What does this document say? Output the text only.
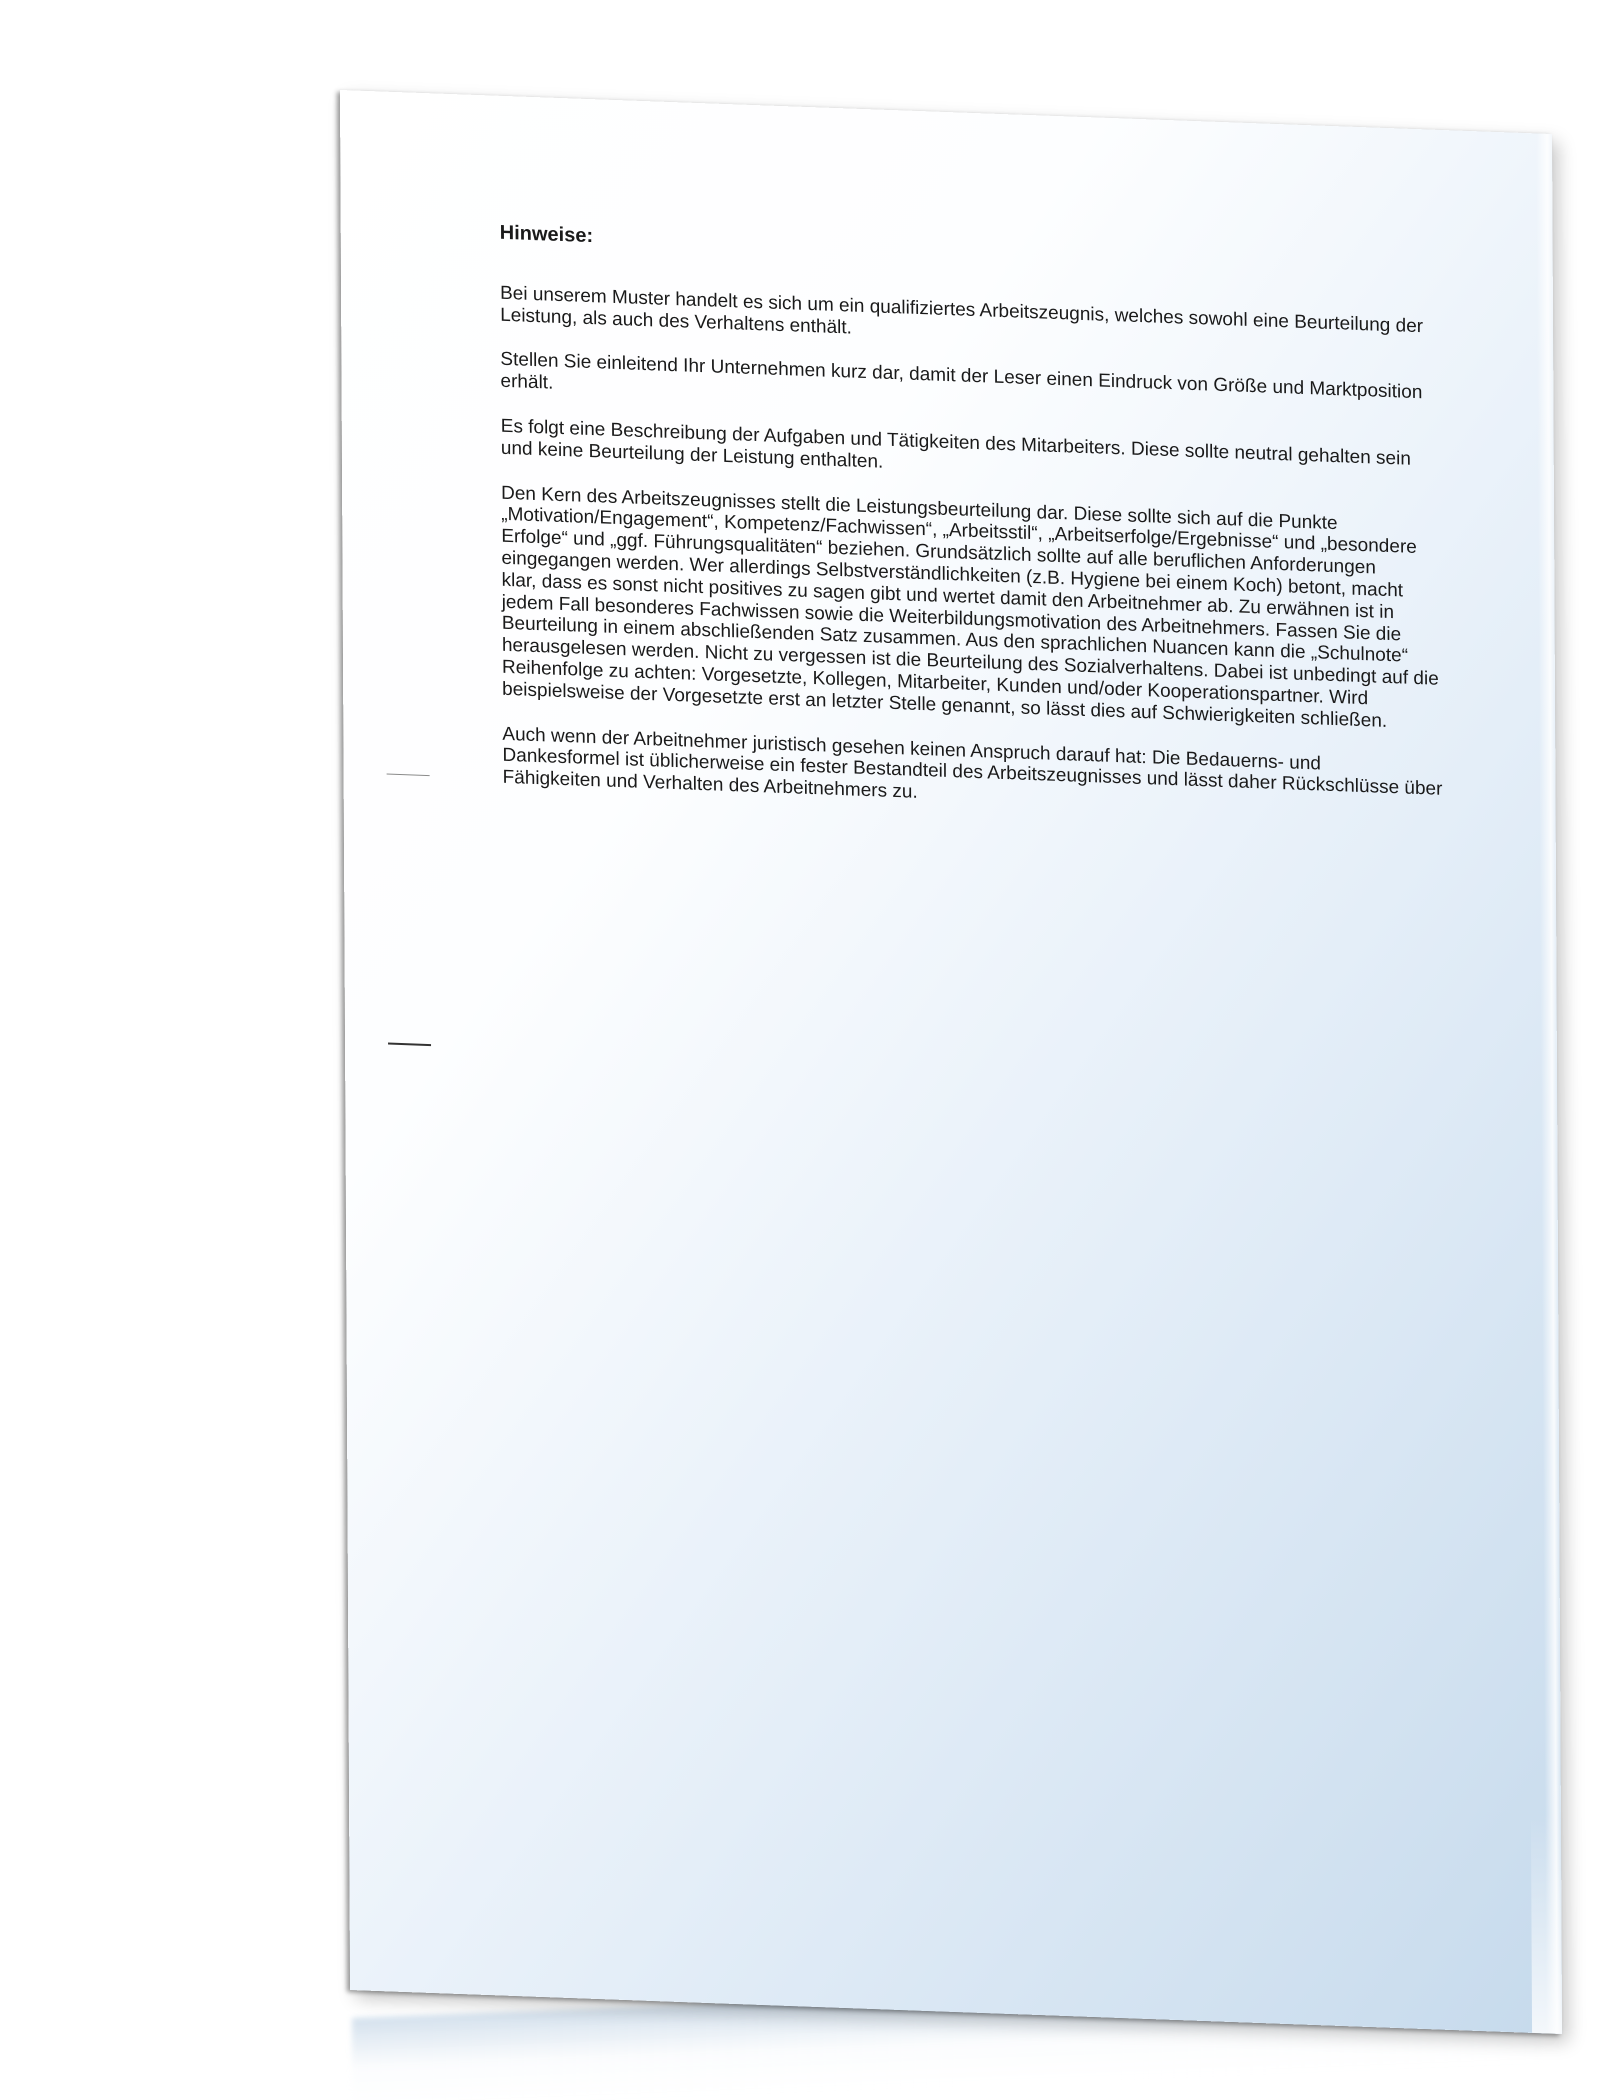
Hinweise:

Bei unserem Muster handelt es sich um ein qualifiziertes Arbeitszeugnis, welches sowohl eine Beurteilung der Leistung, als auch des Verhaltens enthält.

Stellen Sie einleitend Ihr Unternehmen kurz dar, damit der Leser einen Eindruck von Größe und Marktposition erhält.

Es folgt eine Beschreibung der Aufgaben und Tätigkeiten des Mitarbeiters. Diese sollte neutral gehalten sein und keine Beurteilung der Leistung enthalten.

Den Kern des Arbeitszeugnisses stellt die Leistungsbeurteilung dar. Diese sollte sich auf die Punkte „Motivation/Engagement“, Kompetenz/Fachwissen“, „Arbeitsstil“, „Arbeitserfolge/Ergebnisse“ und „besondere Erfolge“ und „ggf. Führungsqualitäten“ beziehen. Grundsätzlich sollte auf alle beruflichen Anforderungen eingegangen werden. Wer allerdings Selbstverständlichkeiten (z.B. Hygiene bei einem Koch) betont, macht klar, dass es sonst nicht positives zu sagen gibt und wertet damit den Arbeitnehmer ab. Zu erwähnen ist in jedem Fall besonderes Fachwissen sowie die Weiterbildungsmotivation des Arbeitnehmers. Fassen Sie die Beurteilung in einem abschließenden Satz zusammen. Aus den sprachlichen Nuancen kann die „Schulnote“ herausgelesen werden. Nicht zu vergessen ist die Beurteilung des Sozialverhaltens. Dabei ist unbedingt auf die Reihenfolge zu achten: Vorgesetzte, Kollegen, Mitarbeiter, Kunden und/oder Kooperationspartner. Wird beispielsweise der Vorgesetzte erst an letzter Stelle genannt, so lässt dies auf Schwierigkeiten schließen.

Auch wenn der Arbeitnehmer juristisch gesehen keinen Anspruch darauf hat: Die Bedauerns- und Dankesformel ist üblicherweise ein fester Bestandteil des Arbeitszeugnisses und lässt daher Rückschlüsse über Fähigkeiten und Verhalten des Arbeitnehmers zu.
